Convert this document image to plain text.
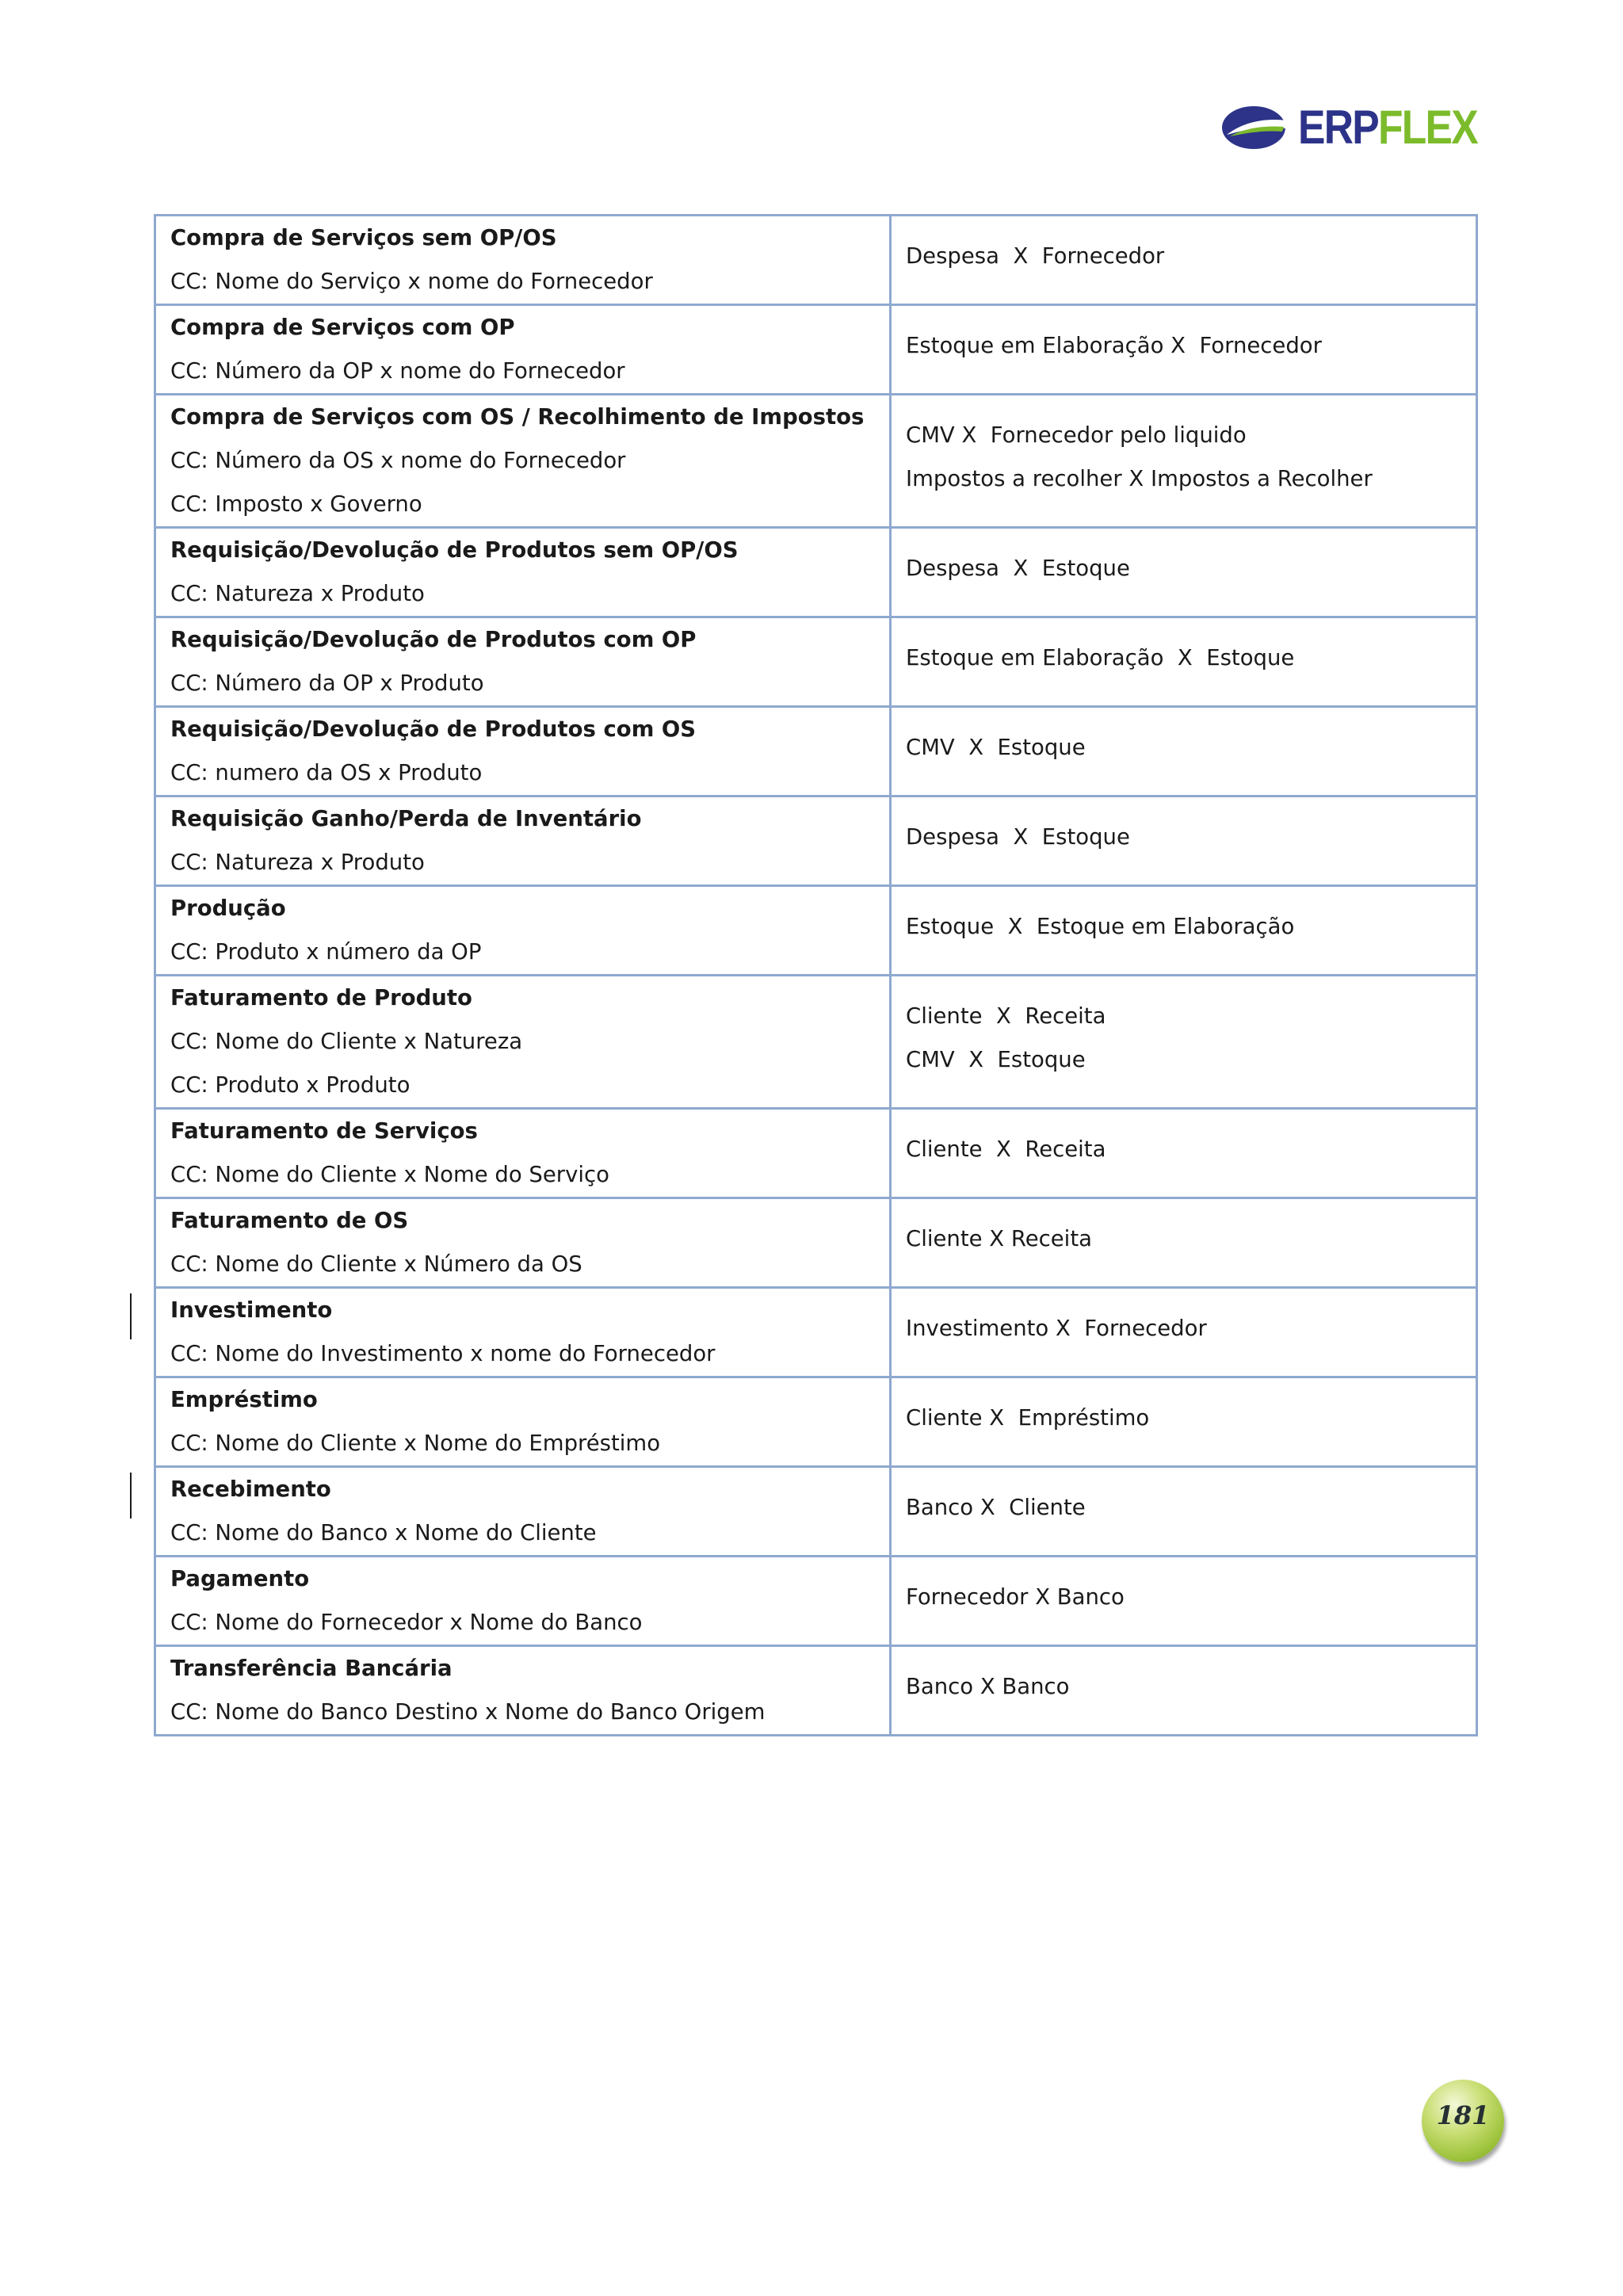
ERPFLEX
Compra de Serviços sem OP/OS
CC: Nome do Serviço x nome do Fornecedor	Despesa  X  Fornecedor

Compra de Serviços com OP
CC: Número da OP x nome do Fornecedor	Estoque em Elaboração X  Fornecedor

Compra de Serviços com OS / Recolhimento de Impostos
CC: Número da OS x nome do Fornecedor
CC: Imposto x Governo	CMV X  Fornecedor pelo liquido
Impostos a recolher X Impostos a Recolher

Requisição/Devolução de Produtos sem OP/OS
CC: Natureza x Produto	Despesa  X  Estoque

Requisição/Devolução de Produtos com OP
CC: Número da OP x Produto	Estoque em Elaboração  X  Estoque

Requisição/Devolução de Produtos com OS
CC: numero da OS x Produto	CMV  X  Estoque

Requisição Ganho/Perda de Inventário
CC: Natureza x Produto	Despesa  X  Estoque

Produção
CC: Produto x número da OP	Estoque  X  Estoque em Elaboração

Faturamento de Produto
CC: Nome do Cliente x Natureza
CC: Produto x Produto	Cliente  X  Receita
CMV  X  Estoque

Faturamento de Serviços
CC: Nome do Cliente x Nome do Serviço	Cliente  X  Receita

Faturamento de OS
CC: Nome do Cliente x Número da OS	Cliente X Receita

Investimento
CC: Nome do Investimento x nome do Fornecedor	Investimento X  Fornecedor

Empréstimo
CC: Nome do Cliente x Nome do Empréstimo	Cliente X  Empréstimo

Recebimento
CC: Nome do Banco x Nome do Cliente	Banco X  Cliente

Pagamento
CC: Nome do Fornecedor x Nome do Banco	Fornecedor X Banco

Transferência Bancária
CC: Nome do Banco Destino x Nome do Banco Origem	Banco X Banco
181
